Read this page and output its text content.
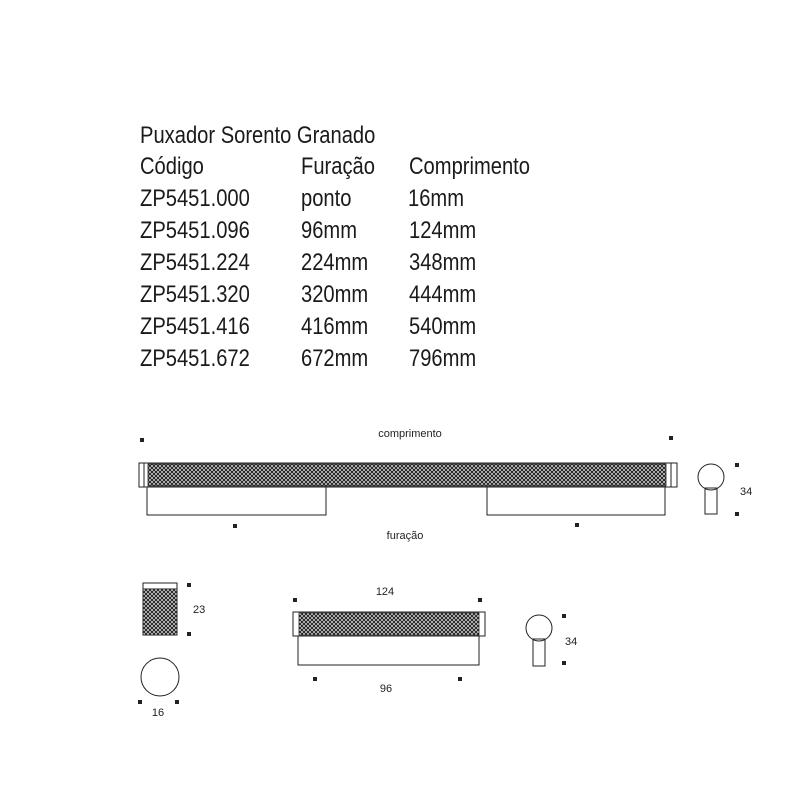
Puxador Sorento Granado
Código	Furação Comprimento
ZP5451.000 ponto 16mm
ZP5451.096 96mm 124mm
ZP5451.224 224mm 348mm
ZP5451.320 320mm 444mm
ZP5451.416 416mm 540mm
ZP5451.672 672mm 796mm
comprimento
furação
34
23
16
124
96
34
